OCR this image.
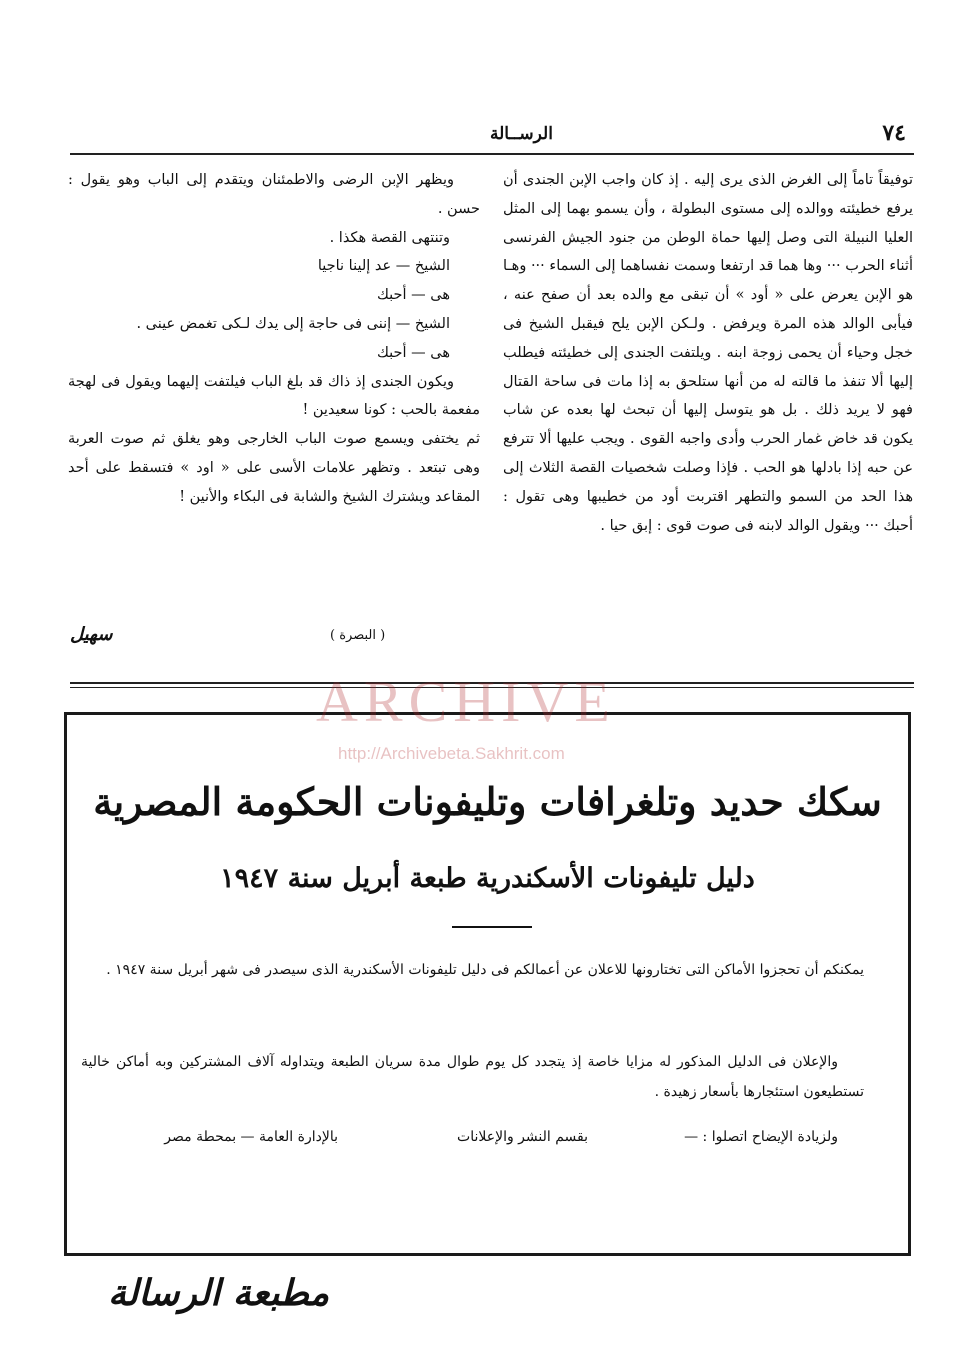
٧٤
الرســالة

توفيقاً تاماً إلى الغرض الذى يرى إليه . إذ كان واجب الإبن الجندى أن يرفع خطيئته ووالده إلى مستوى البطولة ، وأن يسمو بهما إلى المثل العليا النبيلة التى وصل إليها حماة الوطن من جنود الجيش الفرنسى أثناء الحرب ··· وها هما قد ارتفعا وسمت نفساهما إلى السماء ··· وهـا هو الإبن يعرض على « أود » أن تبقى مع والده بعد أن صفح عنه ، فيأبى الوالد هذه المرة ويرفض . ولـكن الإبن يلح فيقبل الشيخ فى خجل وحياء أن يحمى زوجة ابنه . ويلتفت الجندى إلى خطيئته فيطلب إليها ألا تنفذ ما قالته له من أنها ستلحق به إذا مات فى ساحة القتال فهو لا يريد ذلك . بل هو يتوسل إليها أن تبحث لها بعده عن شاب يكون قد خاض غمار الحرب وأدى واجبه القوى . ويجب عليها ألا تترفع عن حبه إذا بادلها هو الحب . فإذا وصلت شخصيات القصة الثلاث إلى هذا الحد من السمو والتطهر اقتربت أود من خطيبها وهى تقول : أحبك ··· ويقول الوالد لابنه فى صوت قوى : إبق حيا .

ويظهر الإبن الرضى والاطمئنان ويتقدم إلى الباب وهو يقول : حسن .

وتنتهى القصة هكذا .

الشيخ — عد إلينا ناجيا

هى — أحبك

الشيخ — إننى فى حاجة إلى يدك لـكى تغمض عينى .

هى — أحبك

ويكون الجندى إذ ذاك قد بلغ الباب فيلتفت إليهما ويقول فى لهجة مفعمة بالحب : كونا سعيدين !

ثم يختفى ويسمع صوت الباب الخارجى وهو يغلق ثم صوت العربة وهى تبتعد . وتظهر علامات الأسى على « اود » فتسقط على أحد المقاعد ويشترك الشيخ والشابة فى البكاء والأنين !

( البصرة )
سهيل
سكك حديد وتلغرافات وتليفونات الحكومة المصرية
دليل تليفونات الأسكندرية طبعة أبريل سنة ١٩٤٧

يمكنكم أن تحجزوا الأماكن التى تختارونها للاعلان عن أعمالكم فى دليل تليفونات الأسكندرية الذى سيصدر فى شهر أبريل سنة ١٩٤٧ .

والإعلان فى الدليل المذكور له مزايا خاصة إذ يتجدد كل يوم طوال مدة سريان الطبعة ويتداوله آلاف المشتركين وبه أماكن خالية تستطيعون استئجارها بأسعار زهيدة .

ولزيادة الإيضاح اتصلوا : —
بقسم النشر والإعلانات
بالإدارة العامة — بمحطة مصر
مطبعة الرسالة
ARCHIVE
http://Archivebeta.Sakhrit.com
